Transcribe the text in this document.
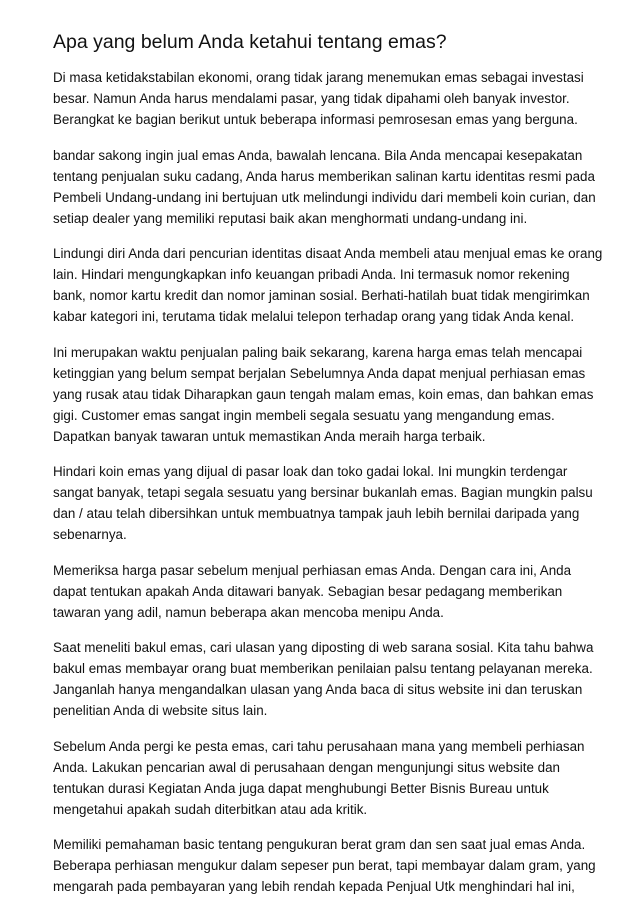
Apa yang belum Anda ketahui tentang emas?
Di masa ketidakstabilan ekonomi, orang tidak jarang menemukan emas sebagai investasi
besar. Namun Anda harus mendalami pasar, yang tidak dipahami oleh banyak investor.
Berangkat ke bagian berikut untuk beberapa informasi pemrosesan emas yang berguna.
bandar sakong ingin jual emas Anda, bawalah lencana. Bila Anda mencapai kesepakatan
tentang penjualan suku cadang, Anda harus memberikan salinan kartu identitas resmi pada
Pembeli Undang-undang ini bertujuan utk melindungi individu dari membeli koin curian, dan
setiap dealer yang memiliki reputasi baik akan menghormati undang-undang ini.
Lindungi diri Anda dari pencurian identitas disaat Anda membeli atau menjual emas ke orang
lain. Hindari mengungkapkan info keuangan pribadi Anda. Ini termasuk nomor rekening
bank, nomor kartu kredit dan nomor jaminan sosial. Berhati-hatilah buat tidak mengirimkan
kabar kategori ini, terutama tidak melalui telepon terhadap orang yang tidak Anda kenal.
Ini merupakan waktu penjualan paling baik sekarang, karena harga emas telah mencapai
ketinggian yang belum sempat berjalan Sebelumnya Anda dapat menjual perhiasan emas
yang rusak atau tidak Diharapkan gaun tengah malam emas, koin emas, dan bahkan emas
gigi. Customer emas sangat ingin membeli segala sesuatu yang mengandung emas.
Dapatkan banyak tawaran untuk memastikan Anda meraih harga terbaik.
Hindari koin emas yang dijual di pasar loak dan toko gadai lokal. Ini mungkin terdengar
sangat banyak, tetapi segala sesuatu yang bersinar bukanlah emas. Bagian mungkin palsu
dan / atau telah dibersihkan untuk membuatnya tampak jauh lebih bernilai daripada yang
sebenarnya.
Memeriksa harga pasar sebelum menjual perhiasan emas Anda. Dengan cara ini, Anda
dapat tentukan apakah Anda ditawari banyak. Sebagian besar pedagang memberikan
tawaran yang adil, namun beberapa akan mencoba menipu Anda.
Saat meneliti bakul emas, cari ulasan yang diposting di web sarana sosial. Kita tahu bahwa
bakul emas membayar orang buat memberikan penilaian palsu tentang pelayanan mereka.
Janganlah hanya mengandalkan ulasan yang Anda baca di situs website ini dan teruskan
penelitian Anda di website situs lain.
Sebelum Anda pergi ke pesta emas, cari tahu perusahaan mana yang membeli perhiasan
Anda. Lakukan pencarian awal di perusahaan dengan mengunjungi situs website dan
tentukan durasi Kegiatan Anda juga dapat menghubungi Better Bisnis Bureau untuk
mengetahui apakah sudah diterbitkan atau ada kritik.
Memiliki pemahaman basic tentang pengukuran berat gram dan sen saat jual emas Anda.
Beberapa perhiasan mengukur dalam sepeser pun berat, tapi membayar dalam gram, yang
mengarah pada pembayaran yang lebih rendah kepada Penjual Utk menghindari hal ini,
